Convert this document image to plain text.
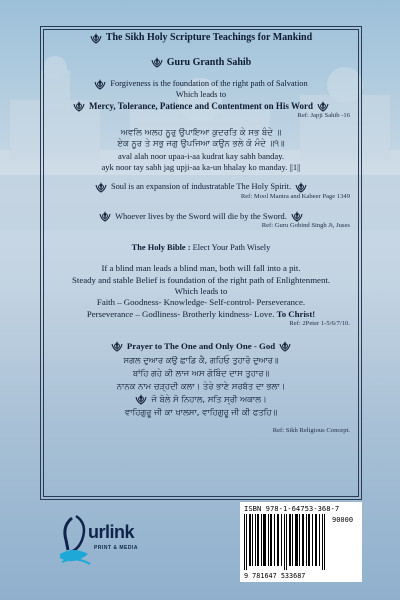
The Sikh Holy Scripture Teachings for Mankind
Guru Granth Sahib
Forgiveness is the foundation of the right path of Salvation
Which leads to
Mercy, Tolerance, Patience and Contentment on His Word
Ref: Japji Sahib -16
ਅਵਲਿ ਅਲਹ ਨੂਰੁ ਉਪਾਇਆ ਕੁਦਰਤਿ ਕੇ ਸਭ ਬੰਦੇ ॥
ਏਕ ਨੂਰ ਤੇ ਸਭੁ ਜਗੁ ਉਪਜਿਆ ਕਉਨ ਭਲੇ ਕੋ ਮੰਦੇ ॥੧॥
aval alah noor upaa-i-aa kudrat kay sabh banday.
ayk noor tay sabh jag upji-aa ka-un bhalay ko manday. ||1||
Soul is an expansion of industratable The Holy Spirit.
Ref: Mool Mantra and Kabeer Page 1349
Whoever lives by the Sword will die by the Sword.
Ref: Guru Gobind Singh Ji, Juses
The Holy Bible : Elect Your Path Wisely
If a blind man leads a blind man, both will fall into a pit.
Steady and stable Belief is foundation of the right path of Enlightenment.
Which leads to
Faith – Goodness- Knowledge- Self-control- Perseverance.
Perseverance – Godliness- Brotherly kindness- Love. To Christ!
Ref: 2Peter 1-5/6/7/10.
Prayer to The One and Only One - God
ਸਗਲ ਦੁਆਰ ਕਉ ਛਾਡਿ ਕੈ, ਗਹਿਓ ਤੁਹਾਰੋ ਦੁਆਰ॥
ਬਾਂਹਿ ਗਹੇ ਕੀ ਲਾਜ ਅਸ ਗੋਬਿੰਦ ਦਾਸ ਤੁਹਾਰ॥
ਨਾਨਕ ਨਾਮ ਚੜ੍ਹਦੀ ਕਲਾ। ਤੇਰੇ ਭਾਣੇ ਸਰਬੱਤ ਦਾ ਭਲਾ।
ਜੋ ਬੋਲੇ ਸੋ ਨਿਹਾਲ, ਸਤਿ ਸ੍ਰੀ ਅਕਾਲ।
ਵਾਹਿਗੁਰੂ ਜੀ ਕਾ ਖਾਲਸਾ, ਵਾਹਿਗੁਰੂ ਜੀ ਕੀ ਫਤਹਿ॥
Ref: Sikh Religious Concept.
urlink
PRINT & MEDIA
ISBN 978-1-64753-368-7
90000
9 781647 533687
